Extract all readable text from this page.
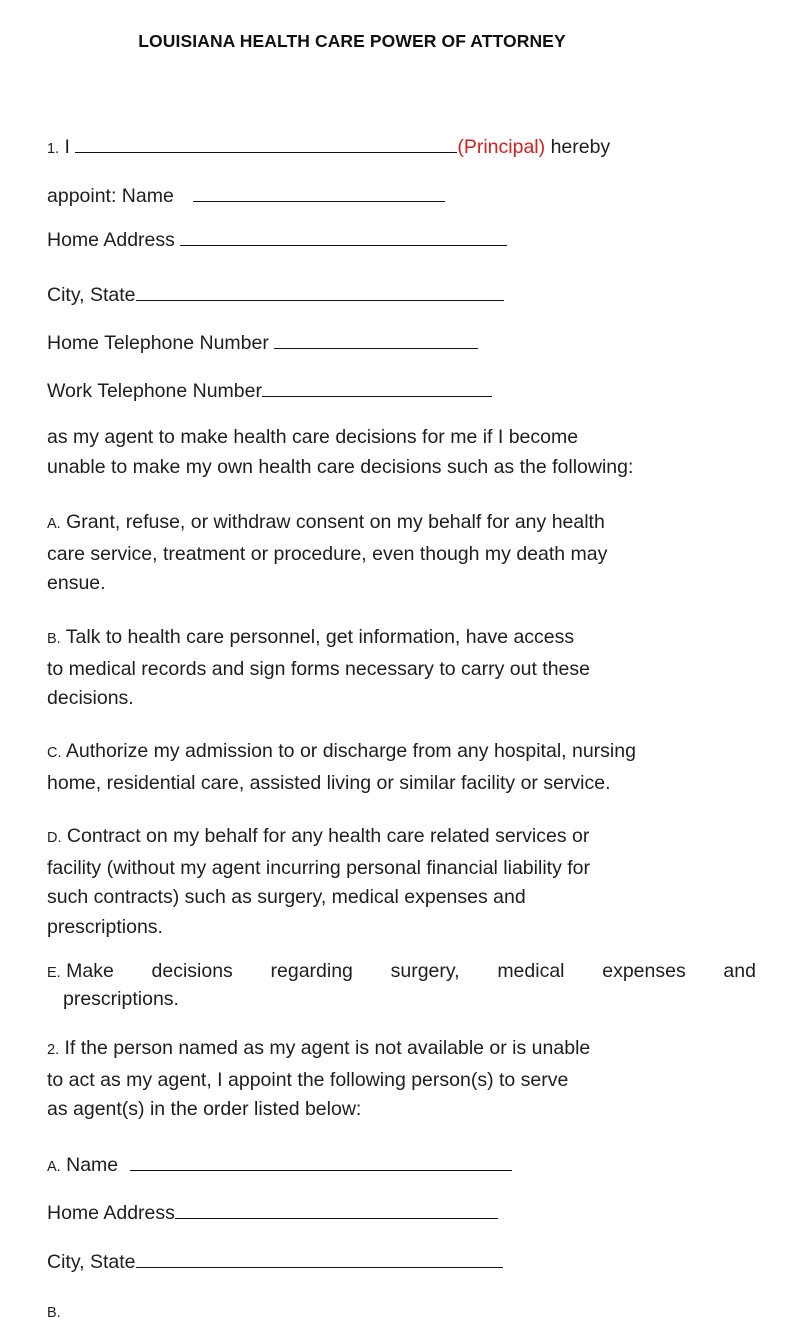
LOUISIANA HEALTH CARE POWER OF ATTORNEY
1. I	(Principal) hereby
appoint: Name
Home Address
City, State
Home Telephone Number
Work Telephone Number

as my agent to make health care decisions for me if I become

unable to make my own health care decisions such as the following:

A. Grant, refuse, or withdraw consent on my behalf for any health

care service, treatment or procedure, even though my death may

ensue.

B. Talk to health care personnel, get information, have access

to medical records and sign forms necessary to carry out these

decisions.

C. Authorize my admission to or discharge from any hospital, nursing

home, residential care, assisted living or similar facility or service.

D. Contract on my behalf for any health care related services or

facility (without my agent incurring personal financial liability for

such contracts) such as surgery, medical expenses and

prescriptions.

E. Make decisions regarding surgery, medical expenses and
prescriptions.

2. If the person named as my agent is not available or is unable

to act as my agent, I appoint the following person(s) to serve

as agent(s) in the order listed below:

A. Name
Home Address
City, State
B.
